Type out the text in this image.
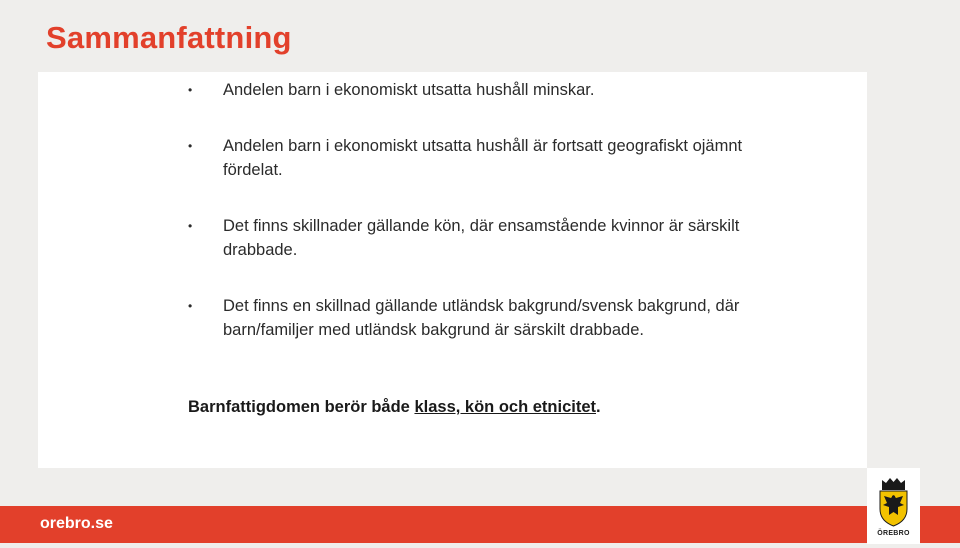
Sammanfattning
• Andelen barn i ekonomiskt utsatta hushåll minskar.
• Andelen barn i ekonomiskt utsatta hushåll är fortsatt geografiskt ojämnt fördelat.
• Det finns skillnader gällande kön, där ensamstående kvinnor är särskilt drabbade.
• Det finns en skillnad gällande utländsk bakgrund/svensk bakgrund, där barn/familjer med utländsk bakgrund är särskilt drabbade.

Barnfattigdomen berör både klass, kön och etnicitet.

orebro.se
ÖREBRO
